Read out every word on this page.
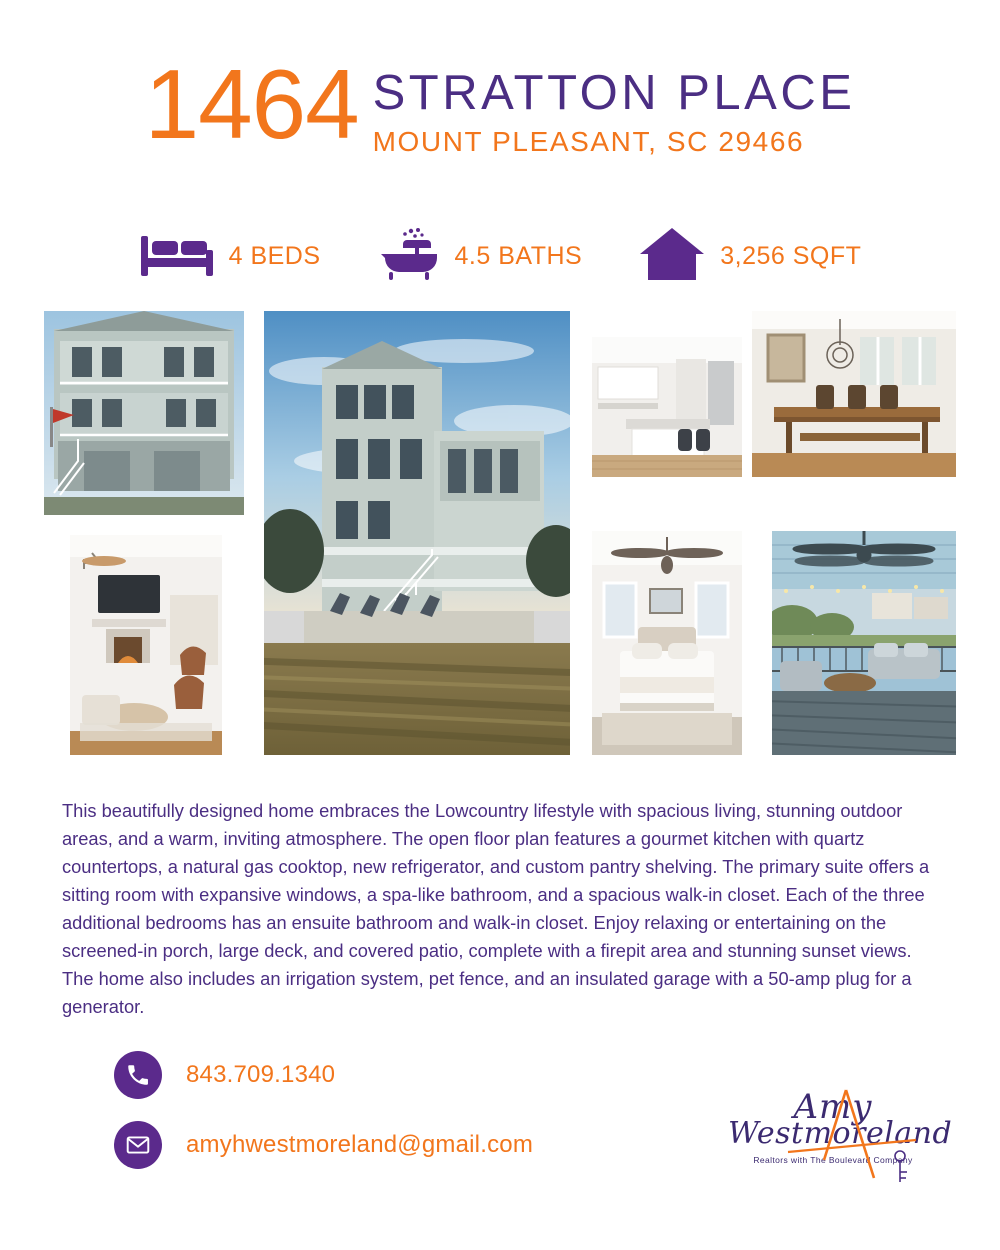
1464 STRATTON PLACE
MOUNT PLEASANT, SC 29466
4 BEDS	4.5 BATHS	3,256 SQFT
This beautifully designed home embraces the Lowcountry lifestyle with spacious living, stunning outdoor areas, and a warm, inviting atmosphere. The open floor plan features a gourmet kitchen with quartz countertops, a natural gas cooktop, new refrigerator, and custom pantry shelving. The primary suite offers a sitting room with expansive windows, a spa-like bathroom, and a spacious walk-in closet. Each of the three additional bedrooms has an ensuite bathroom and walk-in closet. Enjoy relaxing or entertaining on the screened-in porch, large deck, and covered patio, complete with a firepit area and stunning sunset views. The home also includes an irrigation system, pet fence, and an insulated garage with a 50-amp plug for a generator.
843.709.1340
amyhwestmoreland@gmail.com
Amy
Westmoreland
Realtors with The Boulevard Company
